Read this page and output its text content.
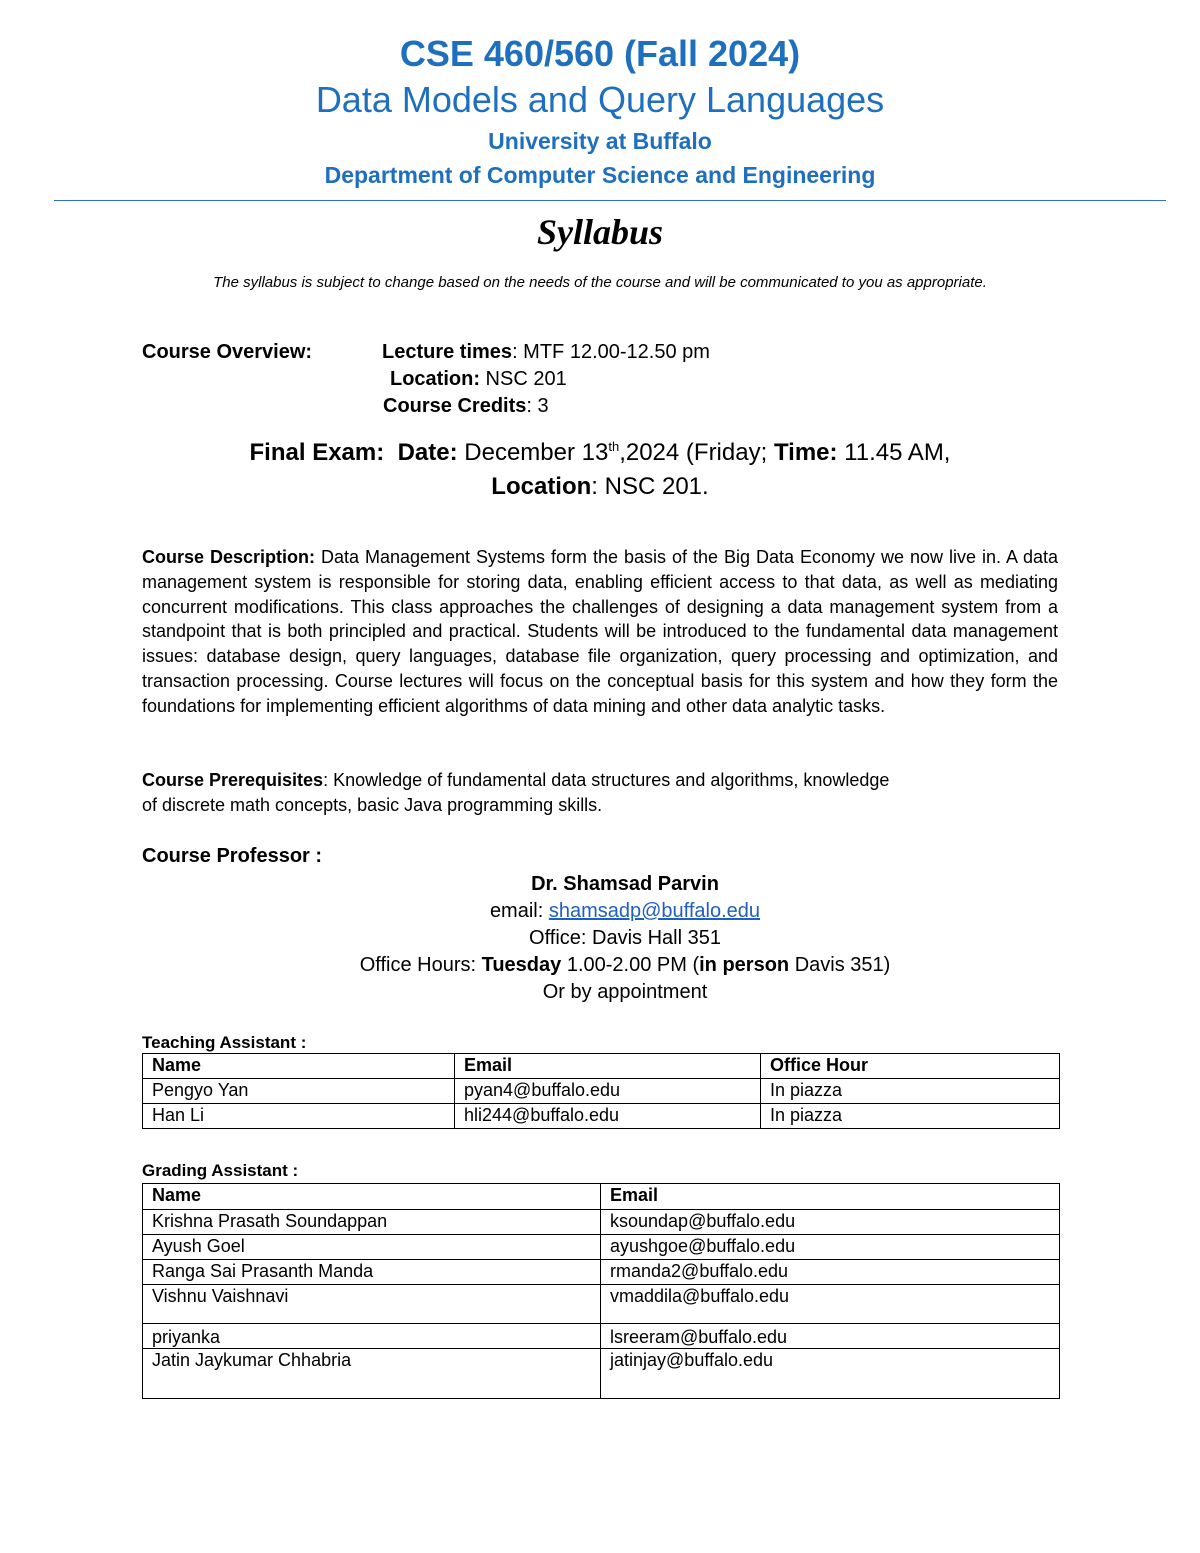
CSE 460/560 (Fall 2024)
Data Models and Query Languages
University at Buffalo
Department of Computer Science and Engineering
Syllabus
The syllabus is subject to change based on the needs of the course and will be communicated to you as appropriate.
Course Overview:	Lecture times: MTF 12.00-12.50 pm
Location: NSC 201
Course Credits: 3
Final Exam: Date: December 13th,2024 (Friday; Time: 11.45 AM,
Location: NSC 201.
Course Description: Data Management Systems form the basis of the Big Data Economy we now live in. A data management system is responsible for storing data, enabling efficient access to that data, as well as mediating concurrent modifications. This class approaches the challenges of designing a data management system from a standpoint that is both principled and practical. Students will be introduced to the fundamental data management issues: database design, query languages, database file organization, query processing and optimization, and transaction processing. Course lectures will focus on the conceptual basis for this system and how they form the foundations for implementing efficient algorithms of data mining and other data analytic tasks.
Course Prerequisites: Knowledge of fundamental data structures and algorithms, knowledge
of discrete math concepts, basic Java programming skills.
Course Professor :
Dr. Shamsad Parvin
email: shamsadp@buffalo.edu
Office: Davis Hall 351
Office Hours: Tuesday 1.00-2.00 PM (in person Davis 351)
Or by appointment
Teaching Assistant :
Name	Email	Office Hour
Pengyo Yan	pyan4@buffalo.edu	In piazza
Han Li	hli244@buffalo.edu	In piazza
Grading Assistant :
Name	Email
Krishna Prasath Soundappan	ksoundap@buffalo.edu
Ayush Goel	ayushgoe@buffalo.edu
Ranga Sai Prasanth Manda	rmanda2@buffalo.edu
Vishnu Vaishnavi	vmaddila@buffalo.edu
priyanka	lsreeram@buffalo.edu
Jatin Jaykumar Chhabria	jatinjay@buffalo.edu
